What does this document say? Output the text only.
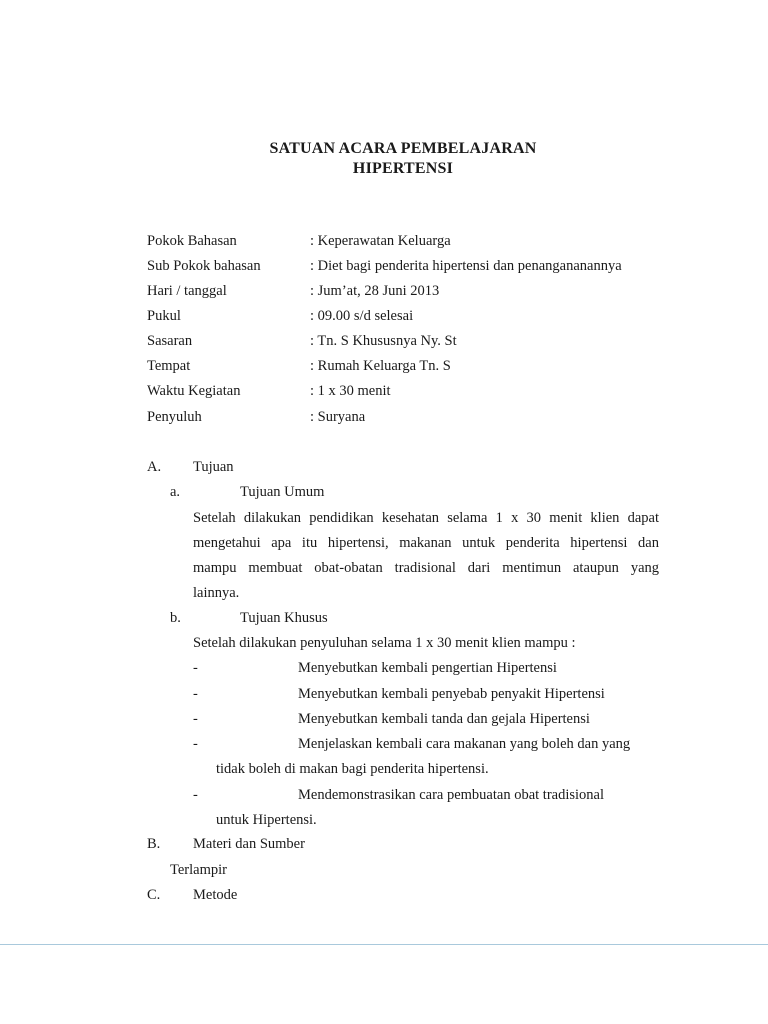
SATUAN ACARA PEMBELAJARAN
HIPERTENSI
Pokok Bahasan	: Keperawatan Keluarga
Sub Pokok bahasan	: Diet bagi penderita hipertensi dan penangananannya
Hari / tanggal	: Jum’at, 28 Juni 2013
Pukul	: 09.00 s/d selesai
Sasaran	: Tn. S Khususnya Ny. St
Tempat	: Rumah Keluarga Tn. S
Waktu Kegiatan	: 1 x 30 menit
Penyuluh	: Suryana
A. Tujuan
a.	Tujuan Umum
Setelah dilakukan pendidikan kesehatan selama 1 x 30 menit klien dapat
mengetahui apa itu hipertensi, makanan untuk penderita hipertensi dan
mampu membuat obat-obatan tradisional dari mentimun ataupun yang
lainnya.
b.	Tujuan Khusus
Setelah dilakukan penyuluhan selama 1 x 30 menit klien mampu :
-	Menyebutkan kembali pengertian Hipertensi
-	Menyebutkan kembali penyebab penyakit Hipertensi
-	Menyebutkan kembali tanda dan gejala Hipertensi
-	Menjelaskan kembali cara makanan yang boleh dan yang
tidak boleh di makan bagi penderita hipertensi.
-	Mendemonstrasikan cara pembuatan obat tradisional
untuk Hipertensi.
B. Materi dan Sumber
Terlampir
C. Metode
